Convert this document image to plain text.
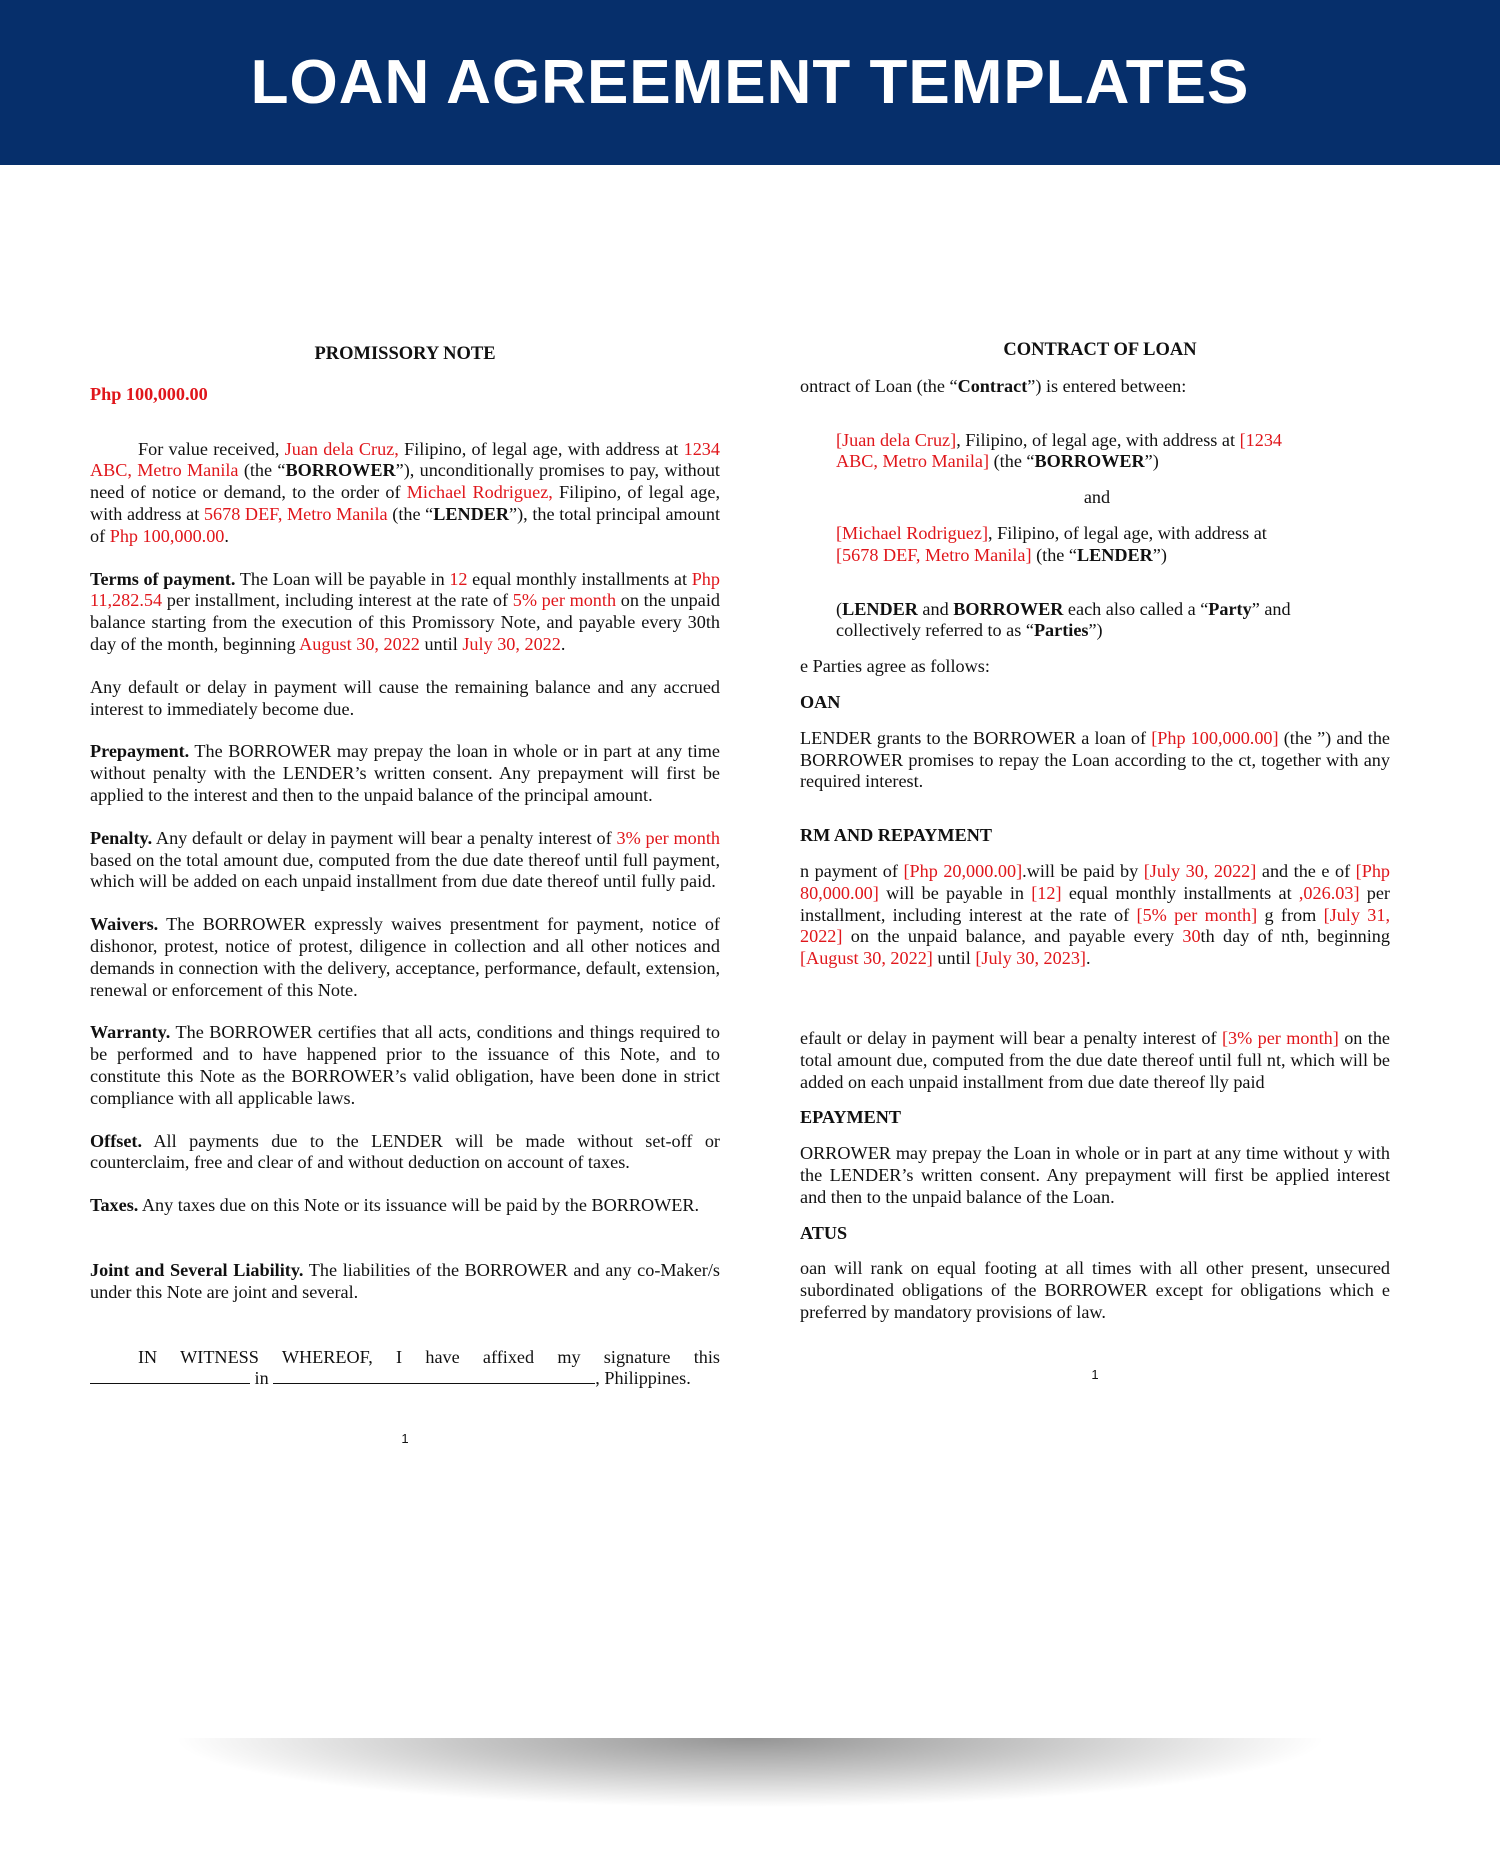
LOAN AGREEMENT TEMPLATES

PROMISSORY NOTE

Php 100,000.00

For value received, Juan dela Cruz, Filipino, of legal age, with address at 1234 ABC, Metro Manila (the “BORROWER”), unconditionally promises to pay, without need of notice or demand, to the order of Michael Rodriguez, Filipino, of legal age, with address at 5678 DEF, Metro Manila (the “LENDER”), the total principal amount of Php 100,000.00.

Terms of payment. The Loan will be payable in 12 equal monthly installments at Php 11,282.54 per installment, including interest at the rate of 5% per month on the unpaid balance starting from the execution of this Promissory Note, and payable every 30th day of the month, beginning August 30, 2022 until July 30, 2022.

Any default or delay in payment will cause the remaining balance and any accrued interest to immediately become due.

Prepayment. The BORROWER may prepay the loan in whole or in part at any time without penalty with the LENDER’s written consent. Any prepayment will first be applied to the interest and then to the unpaid balance of the principal amount.

Penalty. Any default or delay in payment will bear a penalty interest of 3% per month based on the total amount due, computed from the due date thereof until full payment, which will be added on each unpaid installment from due date thereof until fully paid.

Waivers. The BORROWER expressly waives presentment for payment, notice of dishonor, protest, notice of protest, diligence in collection and all other notices and demands in connection with the delivery, acceptance, performance, default, extension, renewal or enforcement of this Note.

Warranty. The BORROWER certifies that all acts, conditions and things required to be performed and to have happened prior to the issuance of this Note, and to constitute this Note as the BORROWER’s valid obligation, have been done in strict compliance with all applicable laws.

Offset. All payments due to the LENDER will be made without set-off or counterclaim, free and clear of and without deduction on account of taxes.

Taxes. Any taxes due on this Note or its issuance will be paid by the BORROWER.

Joint and Several Liability. The liabilities of the BORROWER and any co-Maker/s under this Note are joint and several.

IN WITNESS WHEREOF, I have affixed my signature this

in	, Philippines.

1

CONTRACT OF LOAN

ontract of Loan (the “Contract”) is entered between:

[Juan dela Cruz], Filipino, of legal age, with address at [1234 ABC, Metro Manila] (the “BORROWER”)

and

[Michael Rodriguez], Filipino, of legal age, with address at [5678 DEF, Metro Manila] (the “LENDER”)

(LENDER and BORROWER each also called a “Party” and collectively referred to as “Parties”)

e Parties agree as follows:

OAN

LENDER grants to the BORROWER a loan of [Php 100,000.00] (the ”) and the BORROWER promises to repay the Loan according to the ct, together with any required interest.

RM AND REPAYMENT

n payment of [Php 20,000.00].will be paid by [July 30, 2022] and the e of [Php 80,000.00] will be payable in [12] equal monthly installments at ,026.03] per installment, including interest at the rate of [5% per month] g from [July 31, 2022] on the unpaid balance, and payable every 30th day of nth, beginning [August 30, 2022] until [July 30, 2023].

efault or delay in payment will bear a penalty interest of [3% per month] on the total amount due, computed from the due date thereof until full nt, which will be added on each unpaid installment from due date thereof lly paid

EPAYMENT

ORROWER may prepay the Loan in whole or in part at any time without y with the LENDER’s written consent. Any prepayment will first be applied interest and then to the unpaid balance of the Loan.

ATUS

oan will rank on equal footing at all times with all other present, unsecured subordinated obligations of the BORROWER except for obligations which e preferred by mandatory provisions of law.

1
